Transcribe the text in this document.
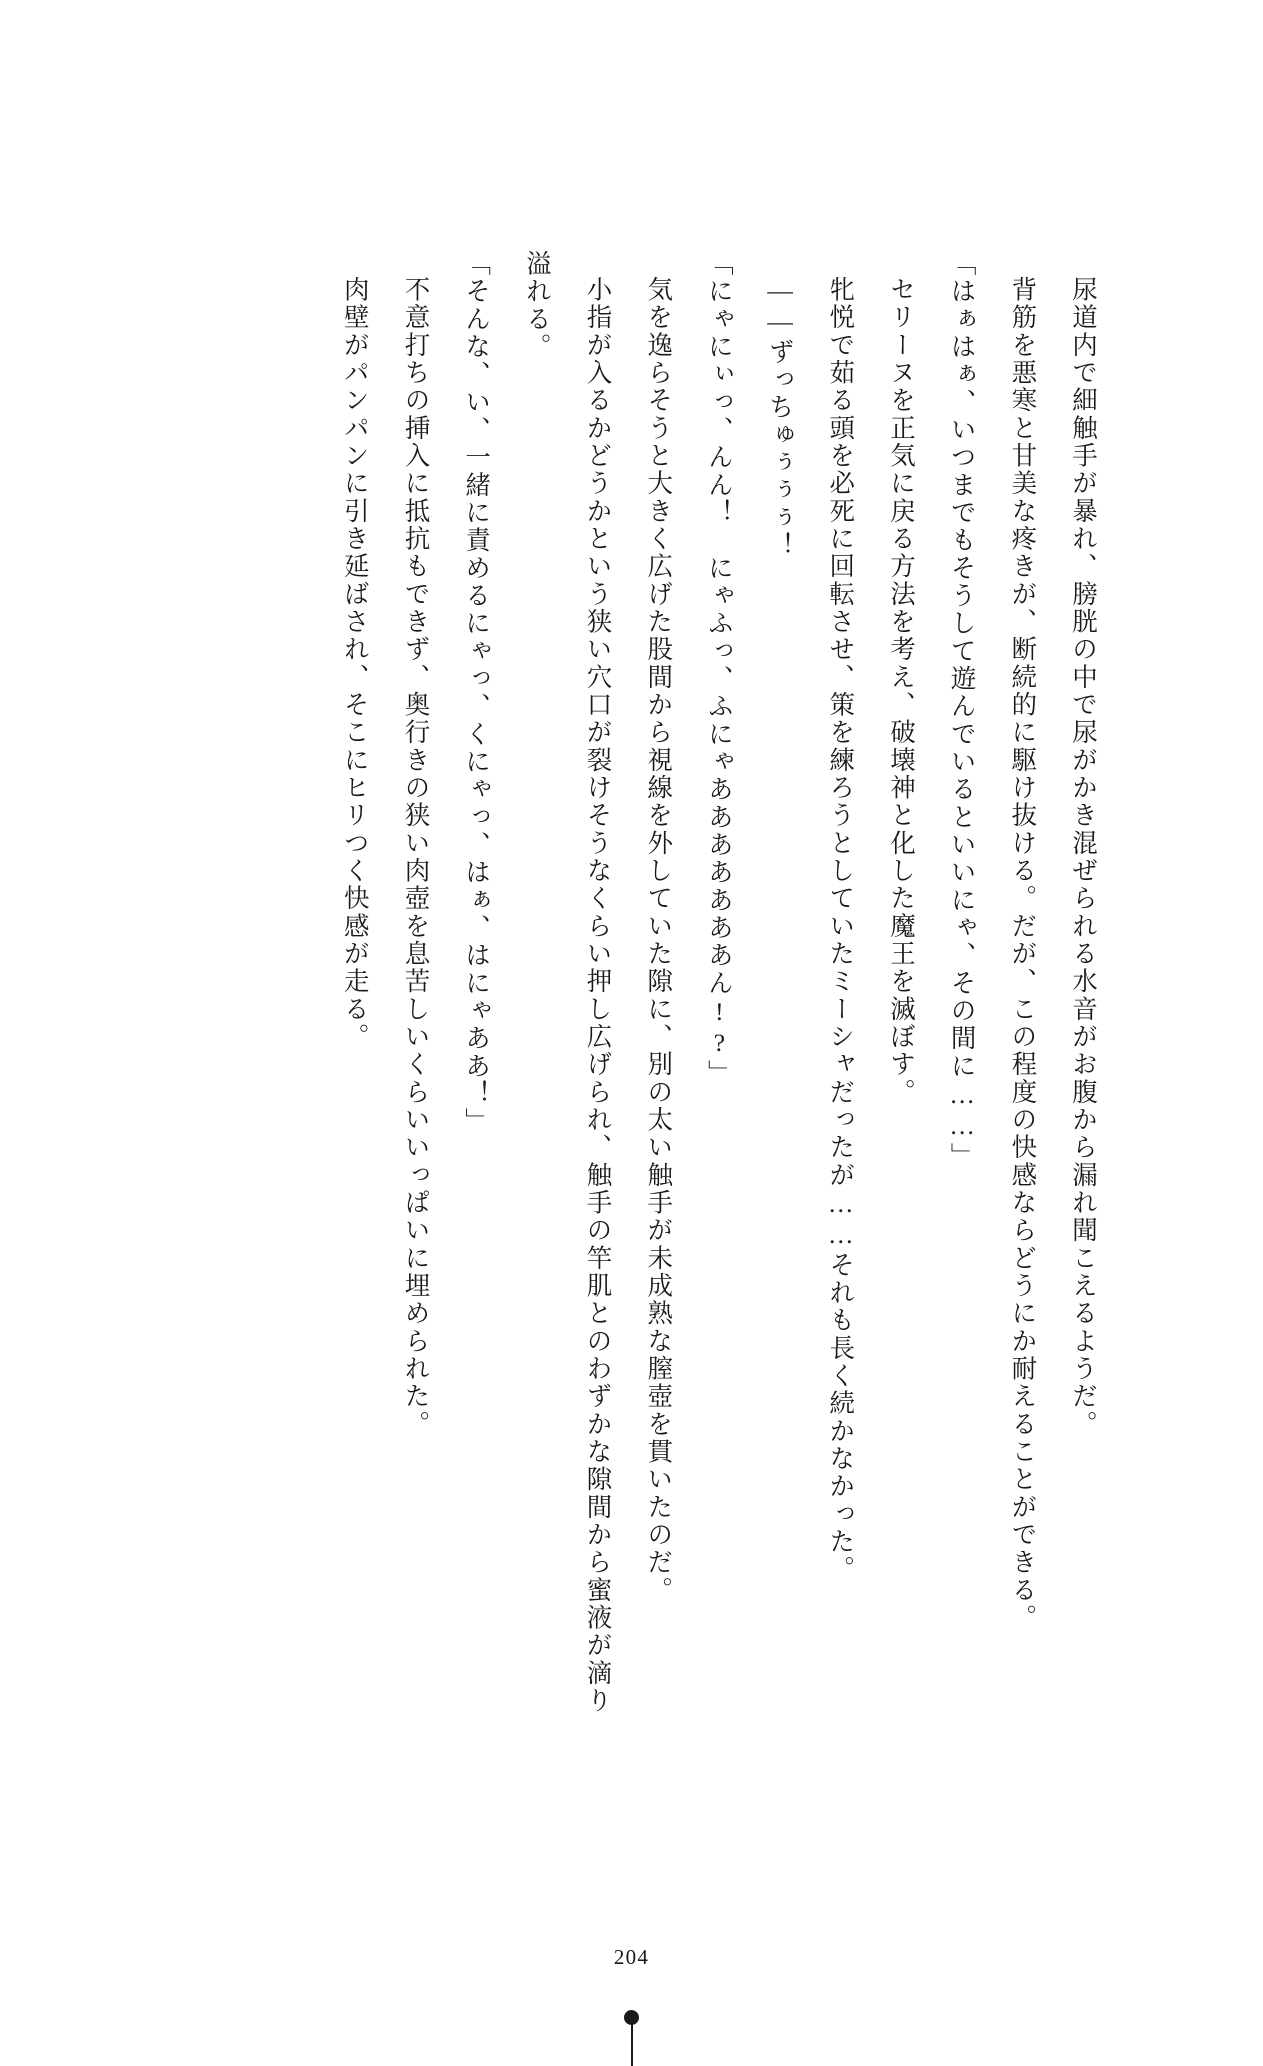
尿道内で細触手が暴れ、膀胱の中で尿がかき混ぜられる水音がお腹から漏れ聞こえるようだ。

背筋を悪寒と甘美な疼きが、断続的に駆け抜ける。だが、この程度の快感ならどうにか耐えることができる。

「はぁはぁ、いつまでもそうして遊んでいるといいにゃ、その間に……」

セリーヌを正気に戻る方法を考え、破壊神と化した魔王を滅ぼす。

牝悦で茹る頭を必死に回転させ、策を練ろうとしていたミーシャだったが……それも長く続かなかった。

――ずっちゅぅぅぅ！

「にゃにぃっ、んん！　にゃふっ、ふにゃあああああああん!?」

気を逸らそうと大きく広げた股間から視線を外していた隙に、別の太い触手が未成熟な膣壺を貫いたのだ。

小指が入るかどうかという狭い穴口が裂けそうなくらい押し広げられ、触手の竿肌とのわずかな隙間から蜜液が滴り溢れる。

「そんな、い、一緒に責めるにゃっ、くにゃっ、はぁ、はにゃああ！」

不意打ちの挿入に抵抗もできず、奥行きの狭い肉壺を息苦しいくらいいっぱいに埋められた。

肉壁がパンパンに引き延ばされ、そこにヒリつく快感が走る。

204
